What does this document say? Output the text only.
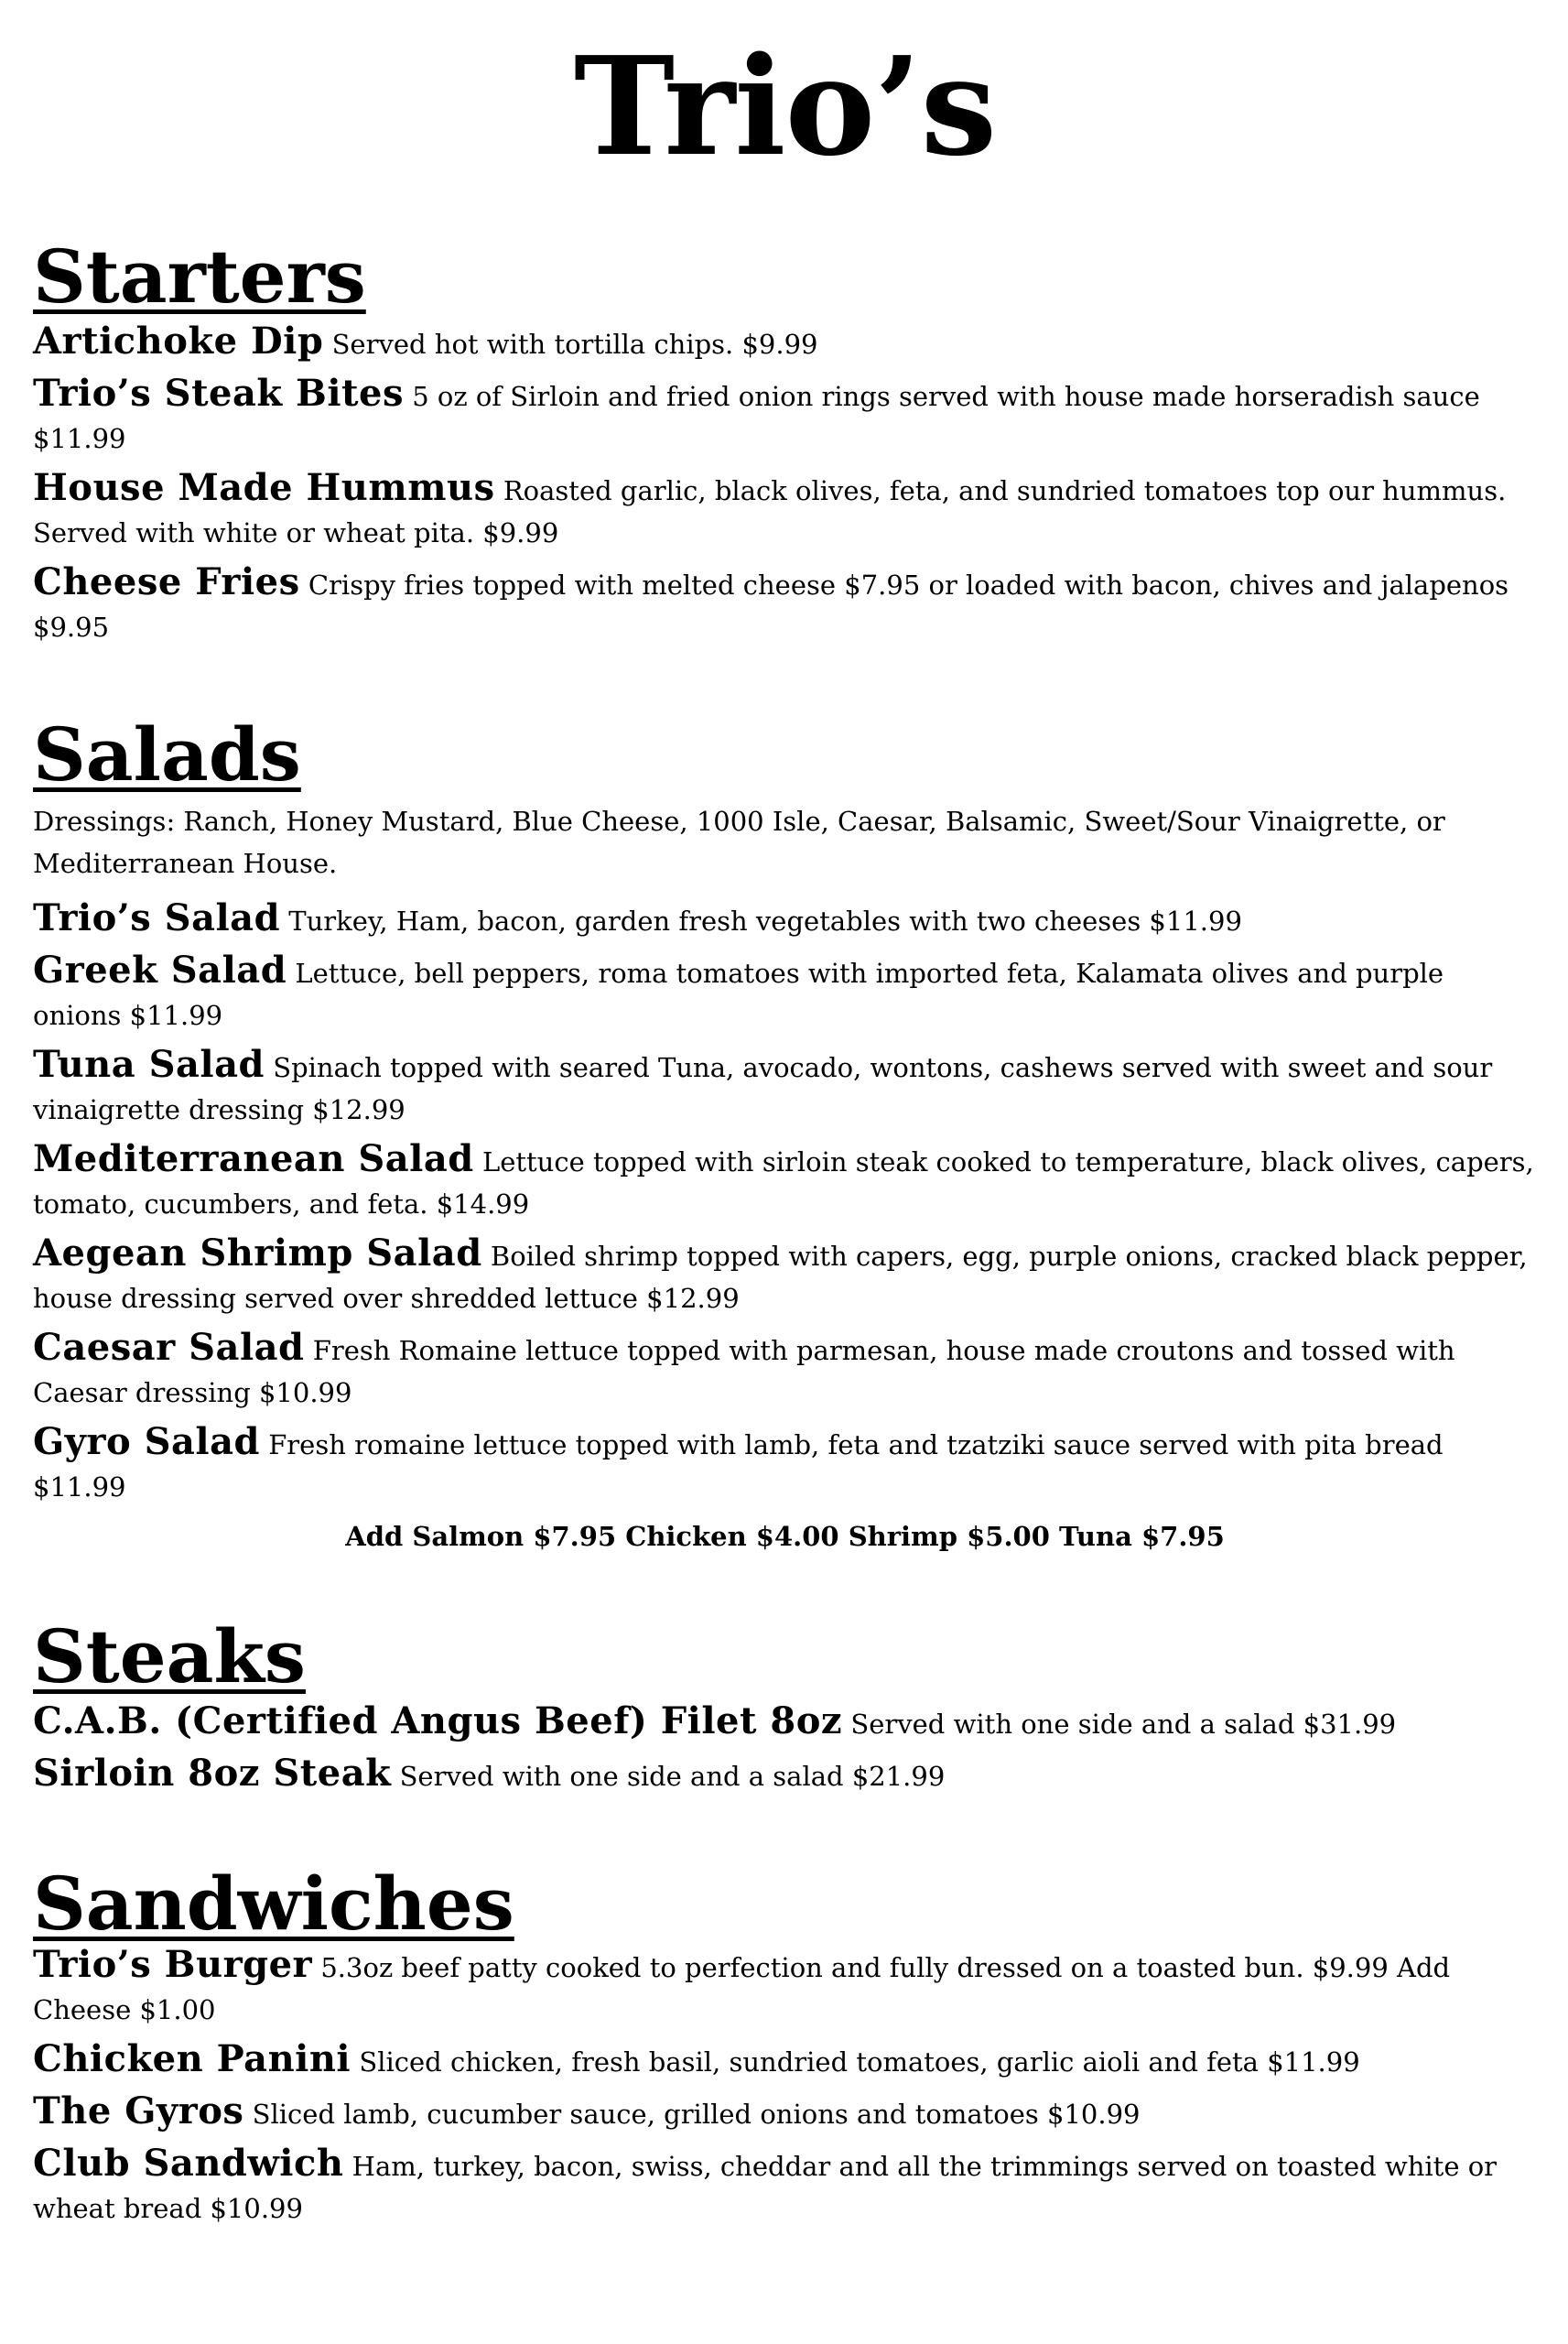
Trio’s
Starters

Artichoke Dip Served hot with tortilla chips. $9.99

Trio’s Steak Bites 5 oz of Sirloin and fried onion rings served with house made horseradish sauce $11.99

House Made Hummus Roasted garlic, black olives, feta, and sundried tomatoes top our hummus. Served with white or wheat pita. $9.99

Cheese Fries Crispy fries topped with melted cheese $7.95 or loaded with bacon, chives and jalapenos $9.95

Salads

Dressings: Ranch, Honey Mustard, Blue Cheese, 1000 Isle, Caesar, Balsamic, Sweet/Sour Vinaigrette, or Mediterranean House.

Trio’s Salad Turkey, Ham, bacon, garden fresh vegetables with two cheeses $11.99

Greek Salad Lettuce, bell peppers, roma tomatoes with imported feta, Kalamata olives and purple onions $11.99

Tuna Salad Spinach topped with seared Tuna, avocado, wontons, cashews served with sweet and sour vinaigrette dressing $12.99

Mediterranean Salad Lettuce topped with sirloin steak cooked to temperature, black olives, capers, tomato, cucumbers, and feta. $14.99

Aegean Shrimp Salad Boiled shrimp topped with capers, egg, purple onions, cracked black pepper, house dressing served over shredded lettuce $12.99

Caesar Salad Fresh Romaine lettuce topped with parmesan, house made croutons and tossed with Caesar dressing $10.99

Gyro Salad Fresh romaine lettuce topped with lamb, feta and tzatziki sauce served with pita bread $11.99

Add Salmon $7.95 Chicken $4.00 Shrimp $5.00 Tuna $7.95

Steaks

C.A.B. (Certified Angus Beef) Filet 8oz Served with one side and a salad $31.99

Sirloin 8oz Steak Served with one side and a salad $21.99

Sandwiches

Trio’s Burger 5.3oz beef patty cooked to perfection and fully dressed on a toasted bun. $9.99 Add Cheese $1.00

Chicken Panini Sliced chicken, fresh basil, sundried tomatoes, garlic aioli and feta $11.99

The Gyros Sliced lamb, cucumber sauce, grilled onions and tomatoes $10.99

Club Sandwich Ham, turkey, bacon, swiss, cheddar and all the trimmings served on toasted white or wheat bread $10.99
